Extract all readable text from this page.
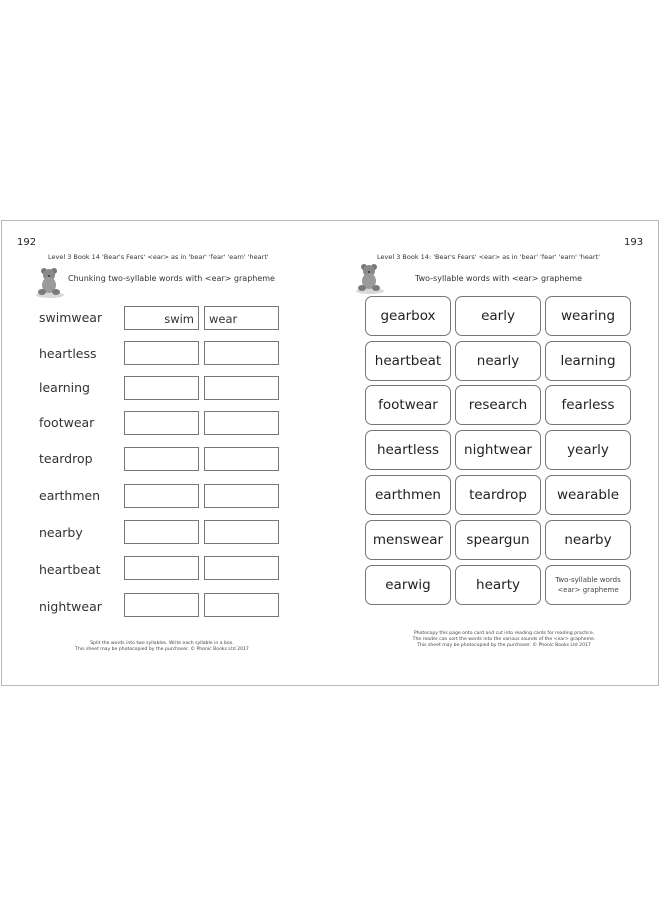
192
Level 3 Book 14 'Bear's Fears' <ear> as in 'bear' 'fear' 'earn' 'heart'
Chunking two-syllable words with <ear> grapheme
swimwear	swim	wear
heartless
learning
footwear
teardrop
earthmen
nearby
heartbeat
nightwear
Split the words into two syllables. Write each syllable in a box.
This sheet may be photocopied by the purchaser. © Phonic Books Ltd 2017
193
Level 3 Book 14: 'Bear's Fears' <ear> as in 'bear' 'fear' 'earn' 'heart'
Two-syllable words with <ear> grapheme
gearbox	early	wearing
heartbeat	nearly	learning
footwear	research	fearless
heartless	nightwear	yearly
earthmen	teardrop	wearable
menswear	speargun	nearby
earwig	hearty	Two-syllable words
<ear> grapheme
Photocopy this page onto card and cut into reading cards for reading practice.
The reader can sort the words into the various sounds of the <ear> grapheme.
This sheet may be photocopied by the purchaser. © Phonic Books Ltd 2017
